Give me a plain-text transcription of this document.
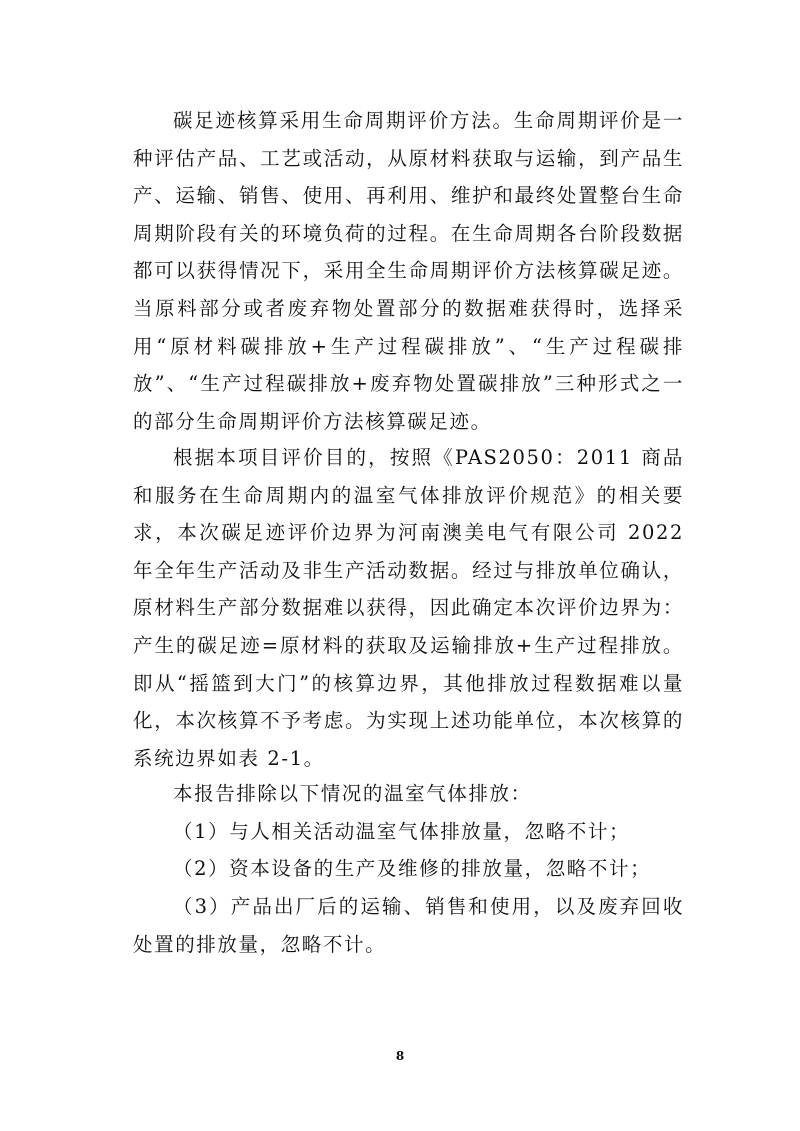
碳足迹核算采用生命周期评价方法。生命周期评价是一种评估产品、工艺或活动，从原材料获取与运输，到产品生产、运输、销售、使用、再利用、维护和最终处置整台生命周期阶段有关的环境负荷的过程。在生命周期各台阶段数据都可以获得情况下，采用全生命周期评价方法核算碳足迹。当原料部分或者废弃物处置部分的数据难获得时，选择采用“原材料碳排放+生产过程碳排放”、“生产过程碳排放”、“生产过程碳排放+废弃物处置碳排放”三种形式之一的部分生命周期评价方法核算碳足迹。

根据本项目评价目的，按照《PAS2050：2011 商品和服务在生命周期内的温室气体排放评价规范》的相关要求，本次碳足迹评价边界为河南澳美电气有限公司 2022 年全年生产活动及非生产活动数据。经过与排放单位确认，原材料生产部分数据难以获得，因此确定本次评价边界为：产生的碳足迹=原材料的获取及运输排放+生产过程排放。即从“摇篮到大门”的核算边界，其他排放过程数据难以量化，本次核算不予考虑。为实现上述功能单位，本次核算的系统边界如表 2-1。

本报告排除以下情况的温室气体排放：

（1）与人相关活动温室气体排放量，忽略不计；

（2）资本设备的生产及维修的排放量，忽略不计；

（3）产品出厂后的运输、销售和使用，以及废弃回收处置的排放量，忽略不计。

8
